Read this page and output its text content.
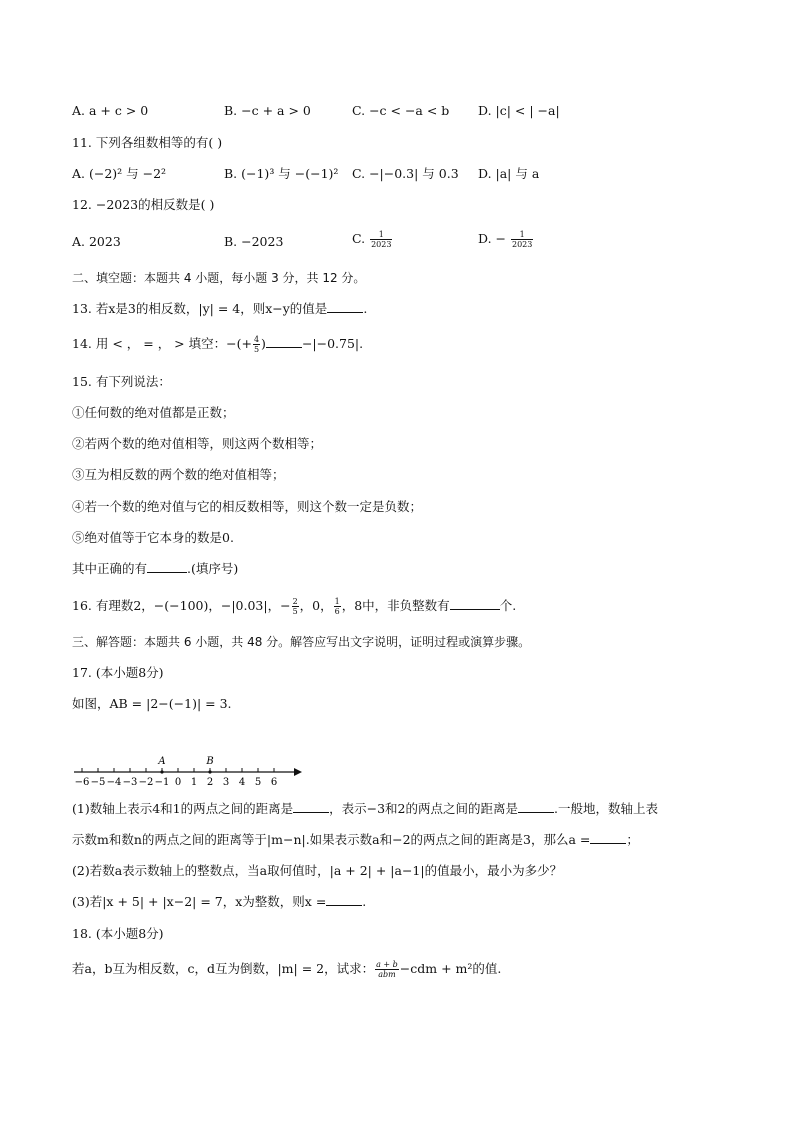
A. a + c > 0	B. −c + a > 0	C. −c < −a < b D. |c| < | −a|
11. 下列各组数相等的有( )
A. (−2)² 与 −2²	B. (−1)³ 与 −(−1)² C. −|−0.3| 与 0.3 D. |a| 与 a
12. −2023的相反数是( )
A. 2023	B. −2023	C. $\frac{1}{2023}$	D. − $\frac{1}{2023}$
二、填空题：本题共 4 小题，每小题 3 分，共 12 分。
13. 若x是3的相反数，|y| = 4，则x−y的值是	.
14. 用 < ， = ， > 填空：−(+ $\frac{4}{5}$ )	−|−0.75|.
15. 有下列说法：
①任何数的绝对值都是正数；
②若两个数的绝对值相等，则这两个数相等；
③互为相反数的两个数的绝对值相等；
④若一个数的绝对值与它的相反数相等，则这个数一定是负数；
⑤绝对值等于它本身的数是0.
其中正确的有	.(填序号)
16. 有理数2，−(−100)，−|0.03|，− $\frac{2}{5}$ ，0， $\frac{1}{6}$ ，8中，非负整数有	个.
三、解答题：本题共 6 小题，共 48 分。解答应写出文字说明，证明过程或演算步骤。
17. (本小题8分)
如图，AB = |2−(−1)| = 3.
−6 −5 −4 −3 −2 −1 0 1 2 3 4 5 6
A	B
(1)数轴上表示4和1的两点之间的距离是	，表示−3和2的两点之间的距离是	.一般地，数轴上表
示数m和数n的两点之间的距离等于|m−n|.如果表示数a和−2的两点之间的距离是3，那么a =	；
(2)若数a表示数轴上的整数点，当a取何值时，|a + 2| + |a−1|的值最小，最小为多少？
(3)若|x + 5| + |x−2| = 7，x为整数，则x =	.
18. (本小题8分)
若a，b互为相反数，c，d互为倒数，|m| = 2，试求： $\frac{a + b}{\text{abm}} -cdm + m^2$的值.
